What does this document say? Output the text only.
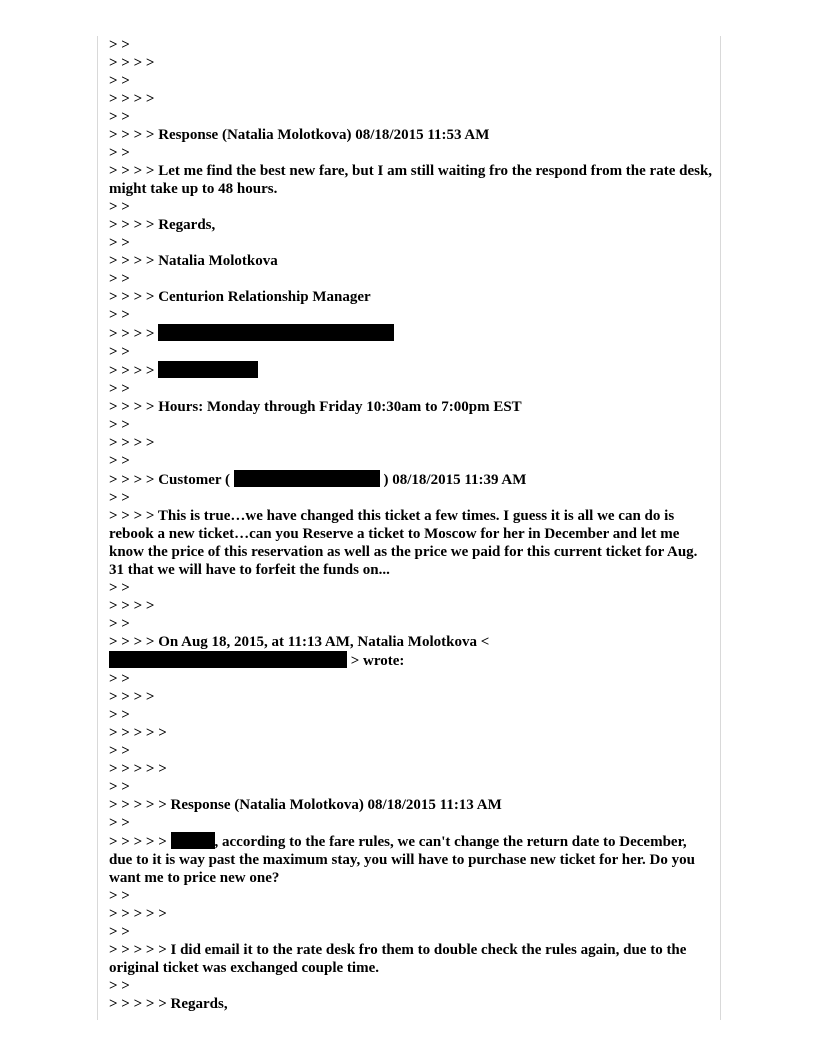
> >
> > > >
> >
> > > >
> >
> > > > Response (Natalia Molotkova) 08/18/2015 11:53 AM
> >
> > > > Let me find the best new fare, but I am still waiting fro the respond from the rate desk, might take up to 48 hours.
> >
> > > > Regards,
> >
> > > > Natalia Molotkova
> >
> > > > Centurion Relationship Manager
> >
> > > >
> >
> > > >
> >
> > > > Hours: Monday through Friday 10:30am to 7:00pm EST
> >
> > > >
> >
> > > > Customer (	) 08/18/2015 11:39 AM
> >
> > > > This is true…we have changed this ticket a few times. I guess it is all we can do is rebook a new ticket…can you Reserve a ticket to Moscow for her in December and let me know the price of this reservation as well as the price we paid for this current ticket for Aug. 31 that we will have to forfeit the funds on...
> >
> > > >
> >
> > > > On Aug 18, 2015, at 11:13 AM, Natalia Molotkova <
> wrote:
> >
> > > >
> >
> > > > >
> >
> > > > >
> >
> > > > > Response (Natalia Molotkova) 08/18/2015 11:13 AM
> >
> > > > >	, according to the fare rules, we can't change the return date to December, due to it is way past the maximum stay, you will have to purchase new ticket for her. Do you want me to price new one?
> >
> > > > >
> >
> > > > > I did email it to the rate desk fro them to double check the rules again, due to the original ticket was exchanged couple time.
> >
> > > > > Regards,
